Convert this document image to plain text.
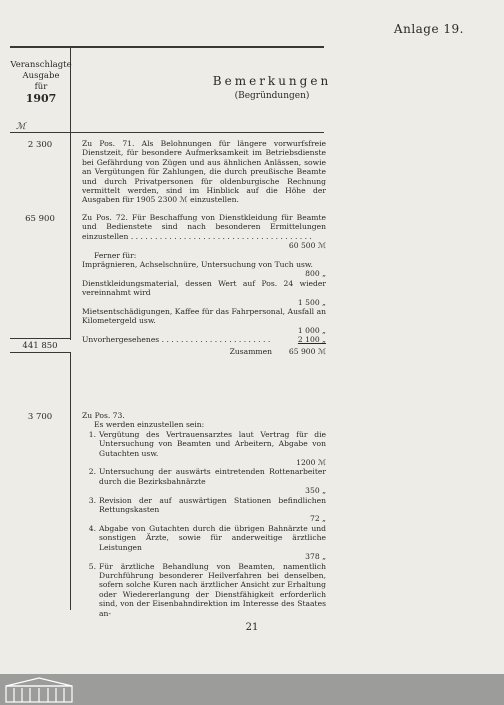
Anlage 19.
Veranschlagte
Ausgabe
für
1907
ℳ
Bemerkungen
(Begründungen)
2 300
65 900
441 850
3 700
Zu Pos. 71. Als Belohnungen für längere vorwurfsfreie Dienstzeit, für besondere Aufmerksamkeit im Betriebsdienste bei Gefährdung von Zügen und aus ähnlichen Anlässen, sowie an Vergütungen für Zahlungen, die durch preußische Beamte und durch Privatpersonen für oldenburgische Rechnung vermittelt werden, sind im Hinblick auf die Höhe der Ausgaben für 1905 2300 ℳ einzustellen.
Zu Pos. 72. Für Beschaffung von Dienstkleidung für Beamte und Bedienstete sind nach besonderen Ermittelungen einzustellen . . .
60 500 ℳ
Ferner für:
Imprägnieren, Achselschnüre, Untersuchung von Tuch usw.
800 „
Dienstkleidungsmaterial, dessen Wert auf Pos. 24 wieder vereinnahmt wird
1 500 „
Mietsentschädigungen, Kaffee für das Fahrpersonal, Ausfall an Kilometergeld usw.
1 000 „
Unvorhergesehenes . . .	2 100 „
Zusammen	65 900 ℳ
Zu Pos. 73.
Es werden einzustellen sein:
1. Vergütung des Vertrauensarztes laut Vertrag für die Untersuchung von Beamten und Arbeitern, Abgabe von Gutachten usw.
1200 ℳ
2. Untersuchung der auswärts eintretenden Rottenarbeiter durch die Bezirksbahnärzte
350 „
3. Revision der auf auswärtigen Stationen befindlichen Rettungskasten
72 „
4. Abgabe von Gutachten durch die übrigen Bahnärzte und sonstigen Ärzte, sowie für anderweitige ärztliche Leistungen
378 „
5. Für ärztliche Behandlung von Beamten, namentlich Durchführung besonderer Heilverfahren bei denselben, sofern solche Kuren nach ärztlicher Ansicht zur Erhaltung oder Wiedererlangung der Dienstfähigkeit erforderlich sind, von der Eisenbahndirektion im Interesse des Staates an-
21
